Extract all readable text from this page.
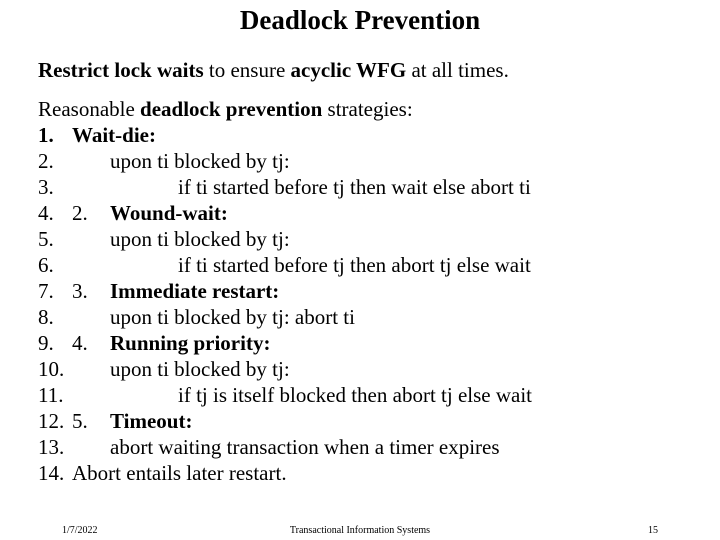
Deadlock Prevention
Restrict lock waits to ensure acyclic WFG at all times.
Reasonable deadlock prevention strategies:
1. Wait-die:
2.	upon ti blocked by tj:
3.	if ti started before tj then wait else abort ti
4. 2. Wound-wait:
5.	upon ti blocked by tj:
6.	if ti started before tj then abort tj else wait
7. 3. Immediate restart:
8.	upon ti blocked by tj: abort ti
9. 4. Running priority:
10. upon ti blocked by tj:
11.	if tj is itself blocked then abort tj else wait
12. 5. Timeout:
13. abort waiting transaction when a timer expires
14. Abort entails later restart.
1/7/2022	Transactional Information Systems	15
